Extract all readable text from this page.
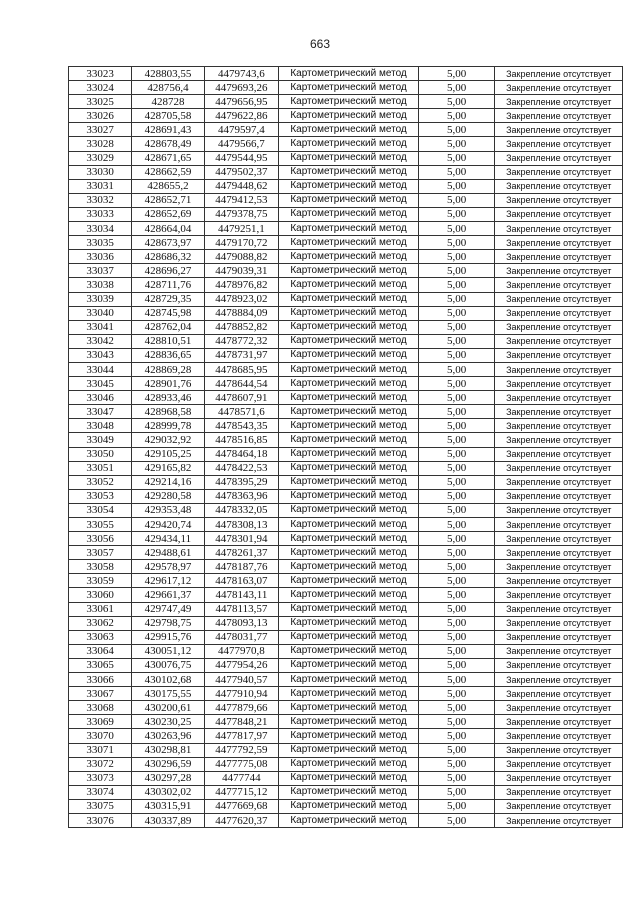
663
33023	428803,55	4479743,6	Картометрический метод	5,00	Закрепление отсутствует
33024	428756,4	4479693,26	Картометрический метод	5,00	Закрепление отсутствует
33025	428728	4479656,95	Картометрический метод	5,00	Закрепление отсутствует
33026	428705,58	4479622,86	Картометрический метод	5,00	Закрепление отсутствует
33027	428691,43	4479597,4	Картометрический метод	5,00	Закрепление отсутствует
33028	428678,49	4479566,7	Картометрический метод	5,00	Закрепление отсутствует
33029	428671,65	4479544,95	Картометрический метод	5,00	Закрепление отсутствует
33030	428662,59	4479502,37	Картометрический метод	5,00	Закрепление отсутствует
33031	428655,2	4479448,62	Картометрический метод	5,00	Закрепление отсутствует
33032	428652,71	4479412,53	Картометрический метод	5,00	Закрепление отсутствует
33033	428652,69	4479378,75	Картометрический метод	5,00	Закрепление отсутствует
33034	428664,04	4479251,1	Картометрический метод	5,00	Закрепление отсутствует
33035	428673,97	4479170,72	Картометрический метод	5,00	Закрепление отсутствует
33036	428686,32	4479088,82	Картометрический метод	5,00	Закрепление отсутствует
33037	428696,27	4479039,31	Картометрический метод	5,00	Закрепление отсутствует
33038	428711,76	4478976,82	Картометрический метод	5,00	Закрепление отсутствует
33039	428729,35	4478923,02	Картометрический метод	5,00	Закрепление отсутствует
33040	428745,98	4478884,09	Картометрический метод	5,00	Закрепление отсутствует
33041	428762,04	4478852,82	Картометрический метод	5,00	Закрепление отсутствует
33042	428810,51	4478772,32	Картометрический метод	5,00	Закрепление отсутствует
33043	428836,65	4478731,97	Картометрический метод	5,00	Закрепление отсутствует
33044	428869,28	4478685,95	Картометрический метод	5,00	Закрепление отсутствует
33045	428901,76	4478644,54	Картометрический метод	5,00	Закрепление отсутствует
33046	428933,46	4478607,91	Картометрический метод	5,00	Закрепление отсутствует
33047	428968,58	4478571,6	Картометрический метод	5,00	Закрепление отсутствует
33048	428999,78	4478543,35	Картометрический метод	5,00	Закрепление отсутствует
33049	429032,92	4478516,85	Картометрический метод	5,00	Закрепление отсутствует
33050	429105,25	4478464,18	Картометрический метод	5,00	Закрепление отсутствует
33051	429165,82	4478422,53	Картометрический метод	5,00	Закрепление отсутствует
33052	429214,16	4478395,29	Картометрический метод	5,00	Закрепление отсутствует
33053	429280,58	4478363,96	Картометрический метод	5,00	Закрепление отсутствует
33054	429353,48	4478332,05	Картометрический метод	5,00	Закрепление отсутствует
33055	429420,74	4478308,13	Картометрический метод	5,00	Закрепление отсутствует
33056	429434,11	4478301,94	Картометрический метод	5,00	Закрепление отсутствует
33057	429488,61	4478261,37	Картометрический метод	5,00	Закрепление отсутствует
33058	429578,97	4478187,76	Картометрический метод	5,00	Закрепление отсутствует
33059	429617,12	4478163,07	Картометрический метод	5,00	Закрепление отсутствует
33060	429661,37	4478143,11	Картометрический метод	5,00	Закрепление отсутствует
33061	429747,49	4478113,57	Картометрический метод	5,00	Закрепление отсутствует
33062	429798,75	4478093,13	Картометрический метод	5,00	Закрепление отсутствует
33063	429915,76	4478031,77	Картометрический метод	5,00	Закрепление отсутствует
33064	430051,12	4477970,8	Картометрический метод	5,00	Закрепление отсутствует
33065	430076,75	4477954,26	Картометрический метод	5,00	Закрепление отсутствует
33066	430102,68	4477940,57	Картометрический метод	5,00	Закрепление отсутствует
33067	430175,55	4477910,94	Картометрический метод	5,00	Закрепление отсутствует
33068	430200,61	4477879,66	Картометрический метод	5,00	Закрепление отсутствует
33069	430230,25	4477848,21	Картометрический метод	5,00	Закрепление отсутствует
33070	430263,96	4477817,97	Картометрический метод	5,00	Закрепление отсутствует
33071	430298,81	4477792,59	Картометрический метод	5,00	Закрепление отсутствует
33072	430296,59	4477775,08	Картометрический метод	5,00	Закрепление отсутствует
33073	430297,28	4477744	Картометрический метод	5,00	Закрепление отсутствует
33074	430302,02	4477715,12	Картометрический метод	5,00	Закрепление отсутствует
33075	430315,91	4477669,68	Картометрический метод	5,00	Закрепление отсутствует
33076	430337,89	4477620,37	Картометрический метод	5,00	Закрепление отсутствует
